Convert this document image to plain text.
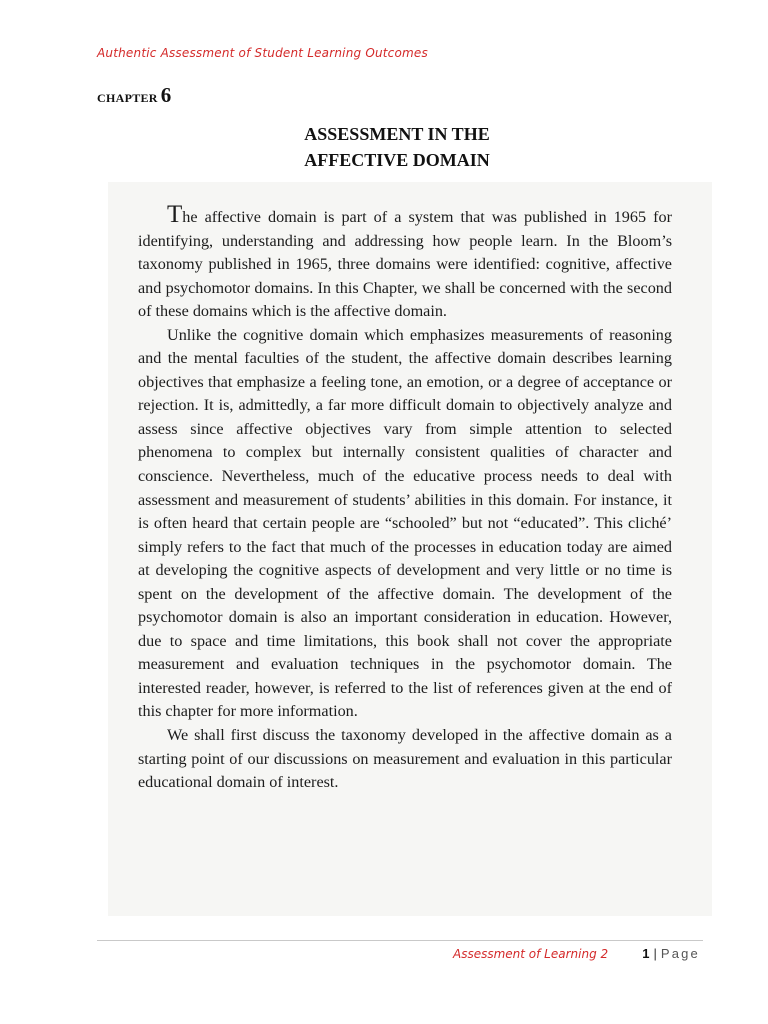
Authentic Assessment of Student Learning Outcomes
CHAPTER 6
ASSESSMENT IN THE
AFFECTIVE DOMAIN

The affective domain is part of a system that was published in 1965 for identifying, understanding and addressing how people learn. In the Bloom’s taxonomy published in 1965, three domains were identified: cognitive, affective and psychomotor domains. In this Chapter, we shall be concerned with the second of these domains which is the affective domain.

Unlike the cognitive domain which emphasizes measurements of reasoning and the mental faculties of the student, the affective domain describes learning objectives that emphasize a feeling tone, an emotion, or a degree of acceptance or rejection. It is, admittedly, a far more difficult domain to objectively analyze and assess since affective objectives vary from simple attention to selected phenomena to complex but internally consistent qualities of character and conscience. Nevertheless, much of the educative process needs to deal with assessment and measurement of students’ abilities in this domain. For instance, it is often heard that certain people are “schooled” but not “educated”. This cliché’ simply refers to the fact that much of the processes in education today are aimed at developing the cognitive aspects of development and very little or no time is spent on the development of the affective domain. The development of the psychomotor domain is also an important consideration in education. However, due to space and time limitations, this book shall not cover the appropriate measurement and evaluation techniques in the psychomotor domain. The interested reader, however, is referred to the list of references given at the end of this chapter for more information.

We shall first discuss the taxonomy developed in the affective domain as a starting point of our discussions on measurement and evaluation in this particular educational domain of interest.

Assessment of Learning 2	1 | Page
